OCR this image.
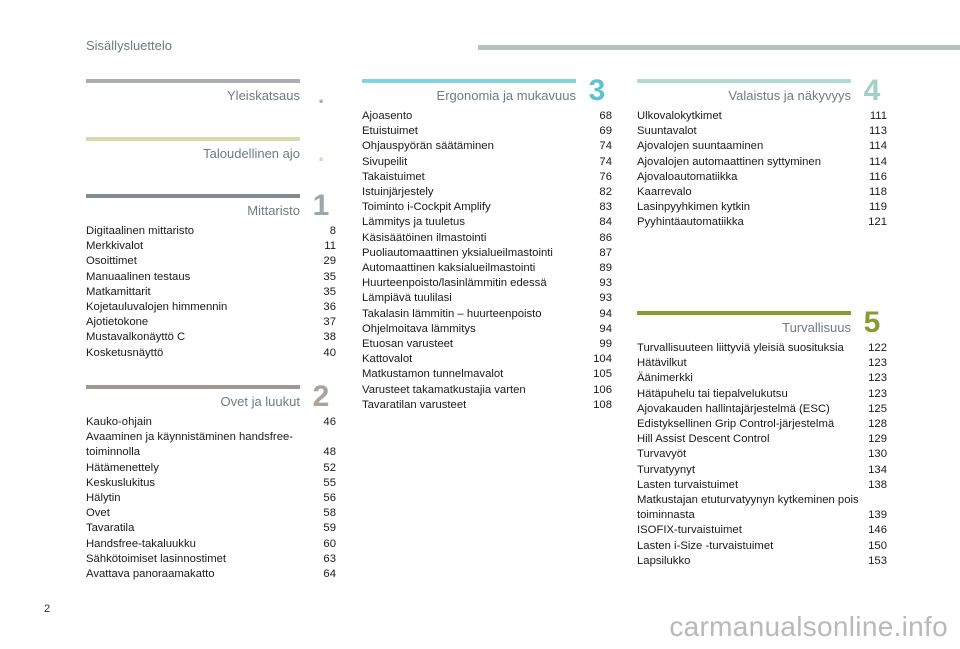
Sisällysluettelo
Yleiskatsaus .
Taloudellinen ajo .
Mittaristo 1
Digitaalinen mittaristo	8
Merkkivalot	11
Osoittimet	29
Manuaalinen testaus	35
Matkamittarit	35
Kojetauluvalojen himmennin	36
Ajotietokone	37
Mustavalkonäyttö C	38
Kosketusnäyttö	40
Ovet ja luukut 2
Kauko-ohjain	46
Avaaminen ja käynnistäminen handsfree-toiminnolla	48
Hätämenettely	52
Keskuslukitus	55
Hälytin	56
Ovet	58
Tavaratila	59
Handsfree-takaluukku	60
Sähkötoimiset lasinnostimet	63
Avattava panoraamakatto	64
Ergonomia ja mukavuus 3
Ajoasento	68
Etuistuimet	69
Ohjauspyörän säätäminen	74
Sivupeilit	74
Takaistuimet	76
Istuinjärjestely	82
Toiminto i-Cockpit Amplify	83
Lämmitys ja tuuletus	84
Käsisäätöinen ilmastointi	86
Puoliautomaattinen yksialueilmastointi	87
Automaattinen kaksialueilmastointi	89
Huurteenpoisto/lasinlämmitin edessä	93
Lämpiävä tuulilasi	93
Takalasin lämmitin – huurteenpoisto	94
Ohjelmoitava lämmitys	94
Etuosan varusteet	99
Kattovalot	104
Matkustamon tunnelmavalot	105
Varusteet takamatkustajia varten	106
Tavaratilan varusteet	108
Valaistus ja näkyvyys 4
Ulkovalokytkimet	111
Suuntavalot	113
Ajovalojen suuntaaminen	114
Ajovalojen automaattinen syttyminen	114
Ajovaloautomatiikka	116
Kaarrevalo	118
Lasinpyyhkimen kytkin	119
Pyyhintäautomatiikka	121
Turvallisuus 5
Turvallisuuteen liittyviä yleisiä suosituksia	122
Hätävilkut	123
Äänimerkki	123
Hätäpuhelu tai tiepalvelukutsu	123
Ajovakauden hallintajärjestelmä (ESC)	125
Edistyksellinen Grip Control-järjestelmä	128
Hill Assist Descent Control	129
Turvavyöt	130
Turvatyynyt	134
Lasten turvaistuimet	138
Matkustajan etuturvatyynyn kytkeminen pois toiminnasta	139
ISOFIX-turvaistuimet	146
Lasten i-Size -turvaistuimet	150
Lapsilukko	153
2
carmanualsonline.info
